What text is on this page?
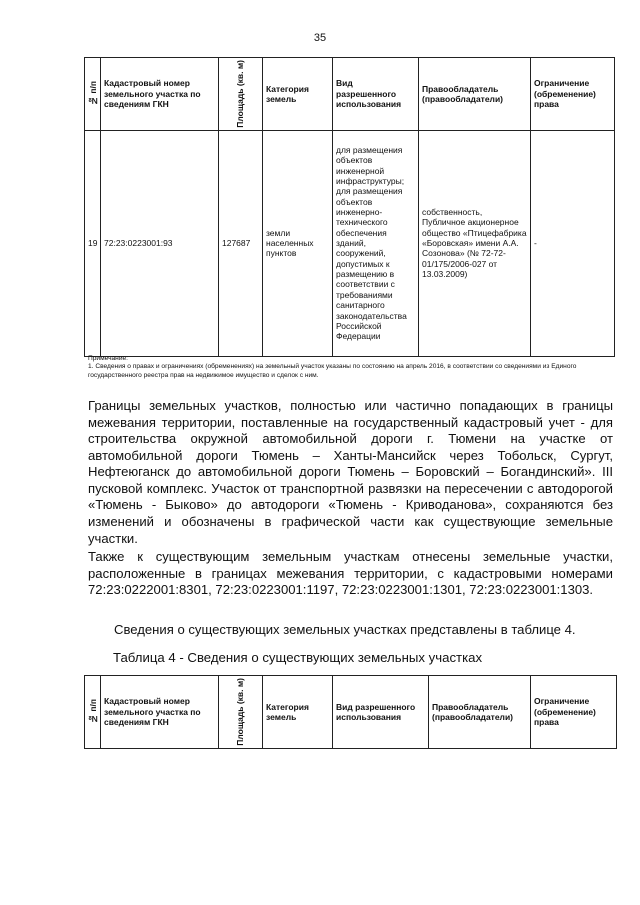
35
№ п/п	Кадастровый номер земельного участка по сведениям ГКН	Площадь (кв. м)	Категория земель	Вид разрешенного использования	Правообладатель (правообладатели)	Ограничение (обременение) права
19	72:23:0223001:93	127687	земли населенных пунктов	для размещения объектов инженерной инфраструктуры; для размещения объектов инженерно-технического обеспечения зданий, сооружений, допустимых к размещению в соответствии с требованиями санитарного законодательства Российской Федерации	собственность, Публичное акционерное общество «Птицефабрика «Боровская» имени А.А. Созонова» (№ 72-72-01/175/2006-027 от 13.03.2009)	-
Примечание:
1. Сведения о правах и ограничениях (обременениях) на земельный участок указаны по состоянию на апрель 2016, в соответствии со сведениями из Единого государственного реестра прав на недвижимое имущество и сделок с ним.

Границы земельных участков, полностью или частично попадающих в границы межевания территории, поставленные на государственный кадастровый учет - для строительства окружной автомобильной дороги г. Тюмени на участке от автомобильной дороги Тюмень – Ханты-Мансийск через Тобольск, Сургут, Нефтеюганск до автомобильной дороги Тюмень – Боровский – Богандинский». III пусковой комплекс. Участок от транспортной развязки на пересечении с автодорогой «Тюмень - Быково» до автодороги «Тюмень - Криводанова», сохраняются без изменений и обозначены в графической части как существующие земельные участки.

Также к существующим земельным участкам отнесены земельные участки, расположенные в границах межевания территории, с кадастровыми номерами 72:23:0222001:8301, 72:23:0223001:1197, 72:23:0223001:1301, 72:23:0223001:1303.

Сведения о существующих земельных участках представлены в таблице 4.

Таблица 4 - Сведения о существующих земельных участках
№ п/п	Кадастровый номер земельного участка по сведениям ГКН	Площадь (кв. м)	Категория земель	Вид разрешенного использования	Правообладатель (правообладатели)	Ограничение (обременение) права
